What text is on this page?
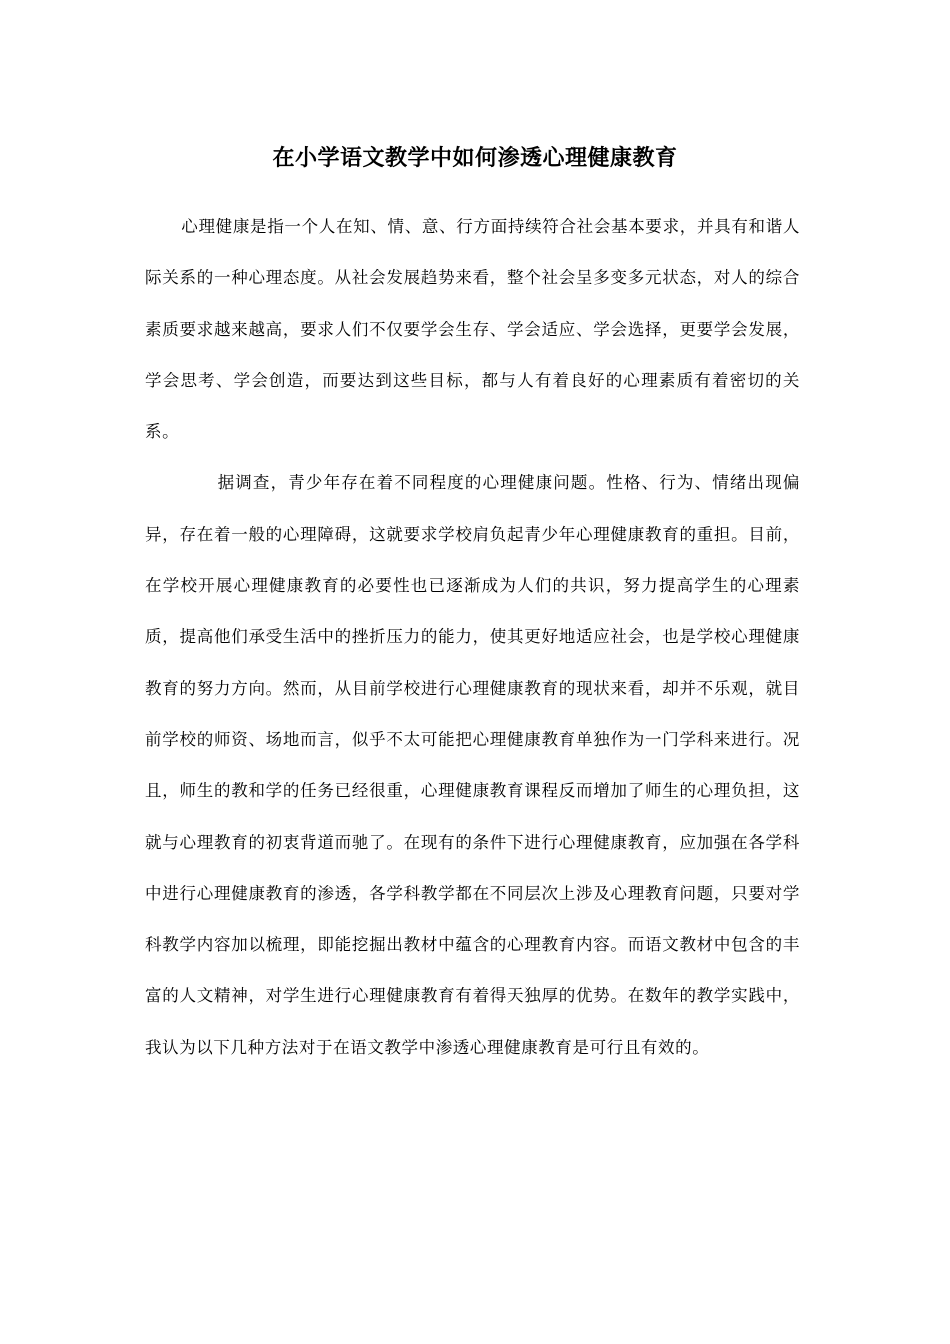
在小学语文教学中如何渗透心理健康教育

心理健康是指一个人在知、情、意、行方面持续符合社会基本要求，并具有和谐人际关系的一种心理态度。从社会发展趋势来看，整个社会呈多变多元状态，对人的综合素质要求越来越高，要求人们不仅要学会生存、学会适应、学会选择，更要学会发展，学会思考、学会创造，而要达到这些目标，都与人有着良好的心理素质有着密切的关系。

据调查，青少年存在着不同程度的心理健康问题。性格、行为、情绪出现偏异，存在着一般的心理障碍，这就要求学校肩负起青少年心理健康教育的重担。目前，在学校开展心理健康教育的必要性也已逐渐成为人们的共识，努力提高学生的心理素质，提高他们承受生活中的挫折压力的能力，使其更好地适应社会，也是学校心理健康教育的努力方向。然而，从目前学校进行心理健康教育的现状来看，却并不乐观，就目前学校的师资、场地而言，似乎不太可能把心理健康教育单独作为一门学科来进行。况且，师生的教和学的任务已经很重，心理健康教育课程反而增加了师生的心理负担，这就与心理教育的初衷背道而驰了。在现有的条件下进行心理健康教育，应加强在各学科中进行心理健康教育的渗透，各学科教学都在不同层次上涉及心理教育问题，只要对学科教学内容加以梳理，即能挖掘出教材中蕴含的心理教育内容。而语文教材中包含的丰富的人文精神，对学生进行心理健康教育有着得天独厚的优势。在数年的教学实践中，我认为以下几种方法对于在语文教学中渗透心理健康教育是可行且有效的。
